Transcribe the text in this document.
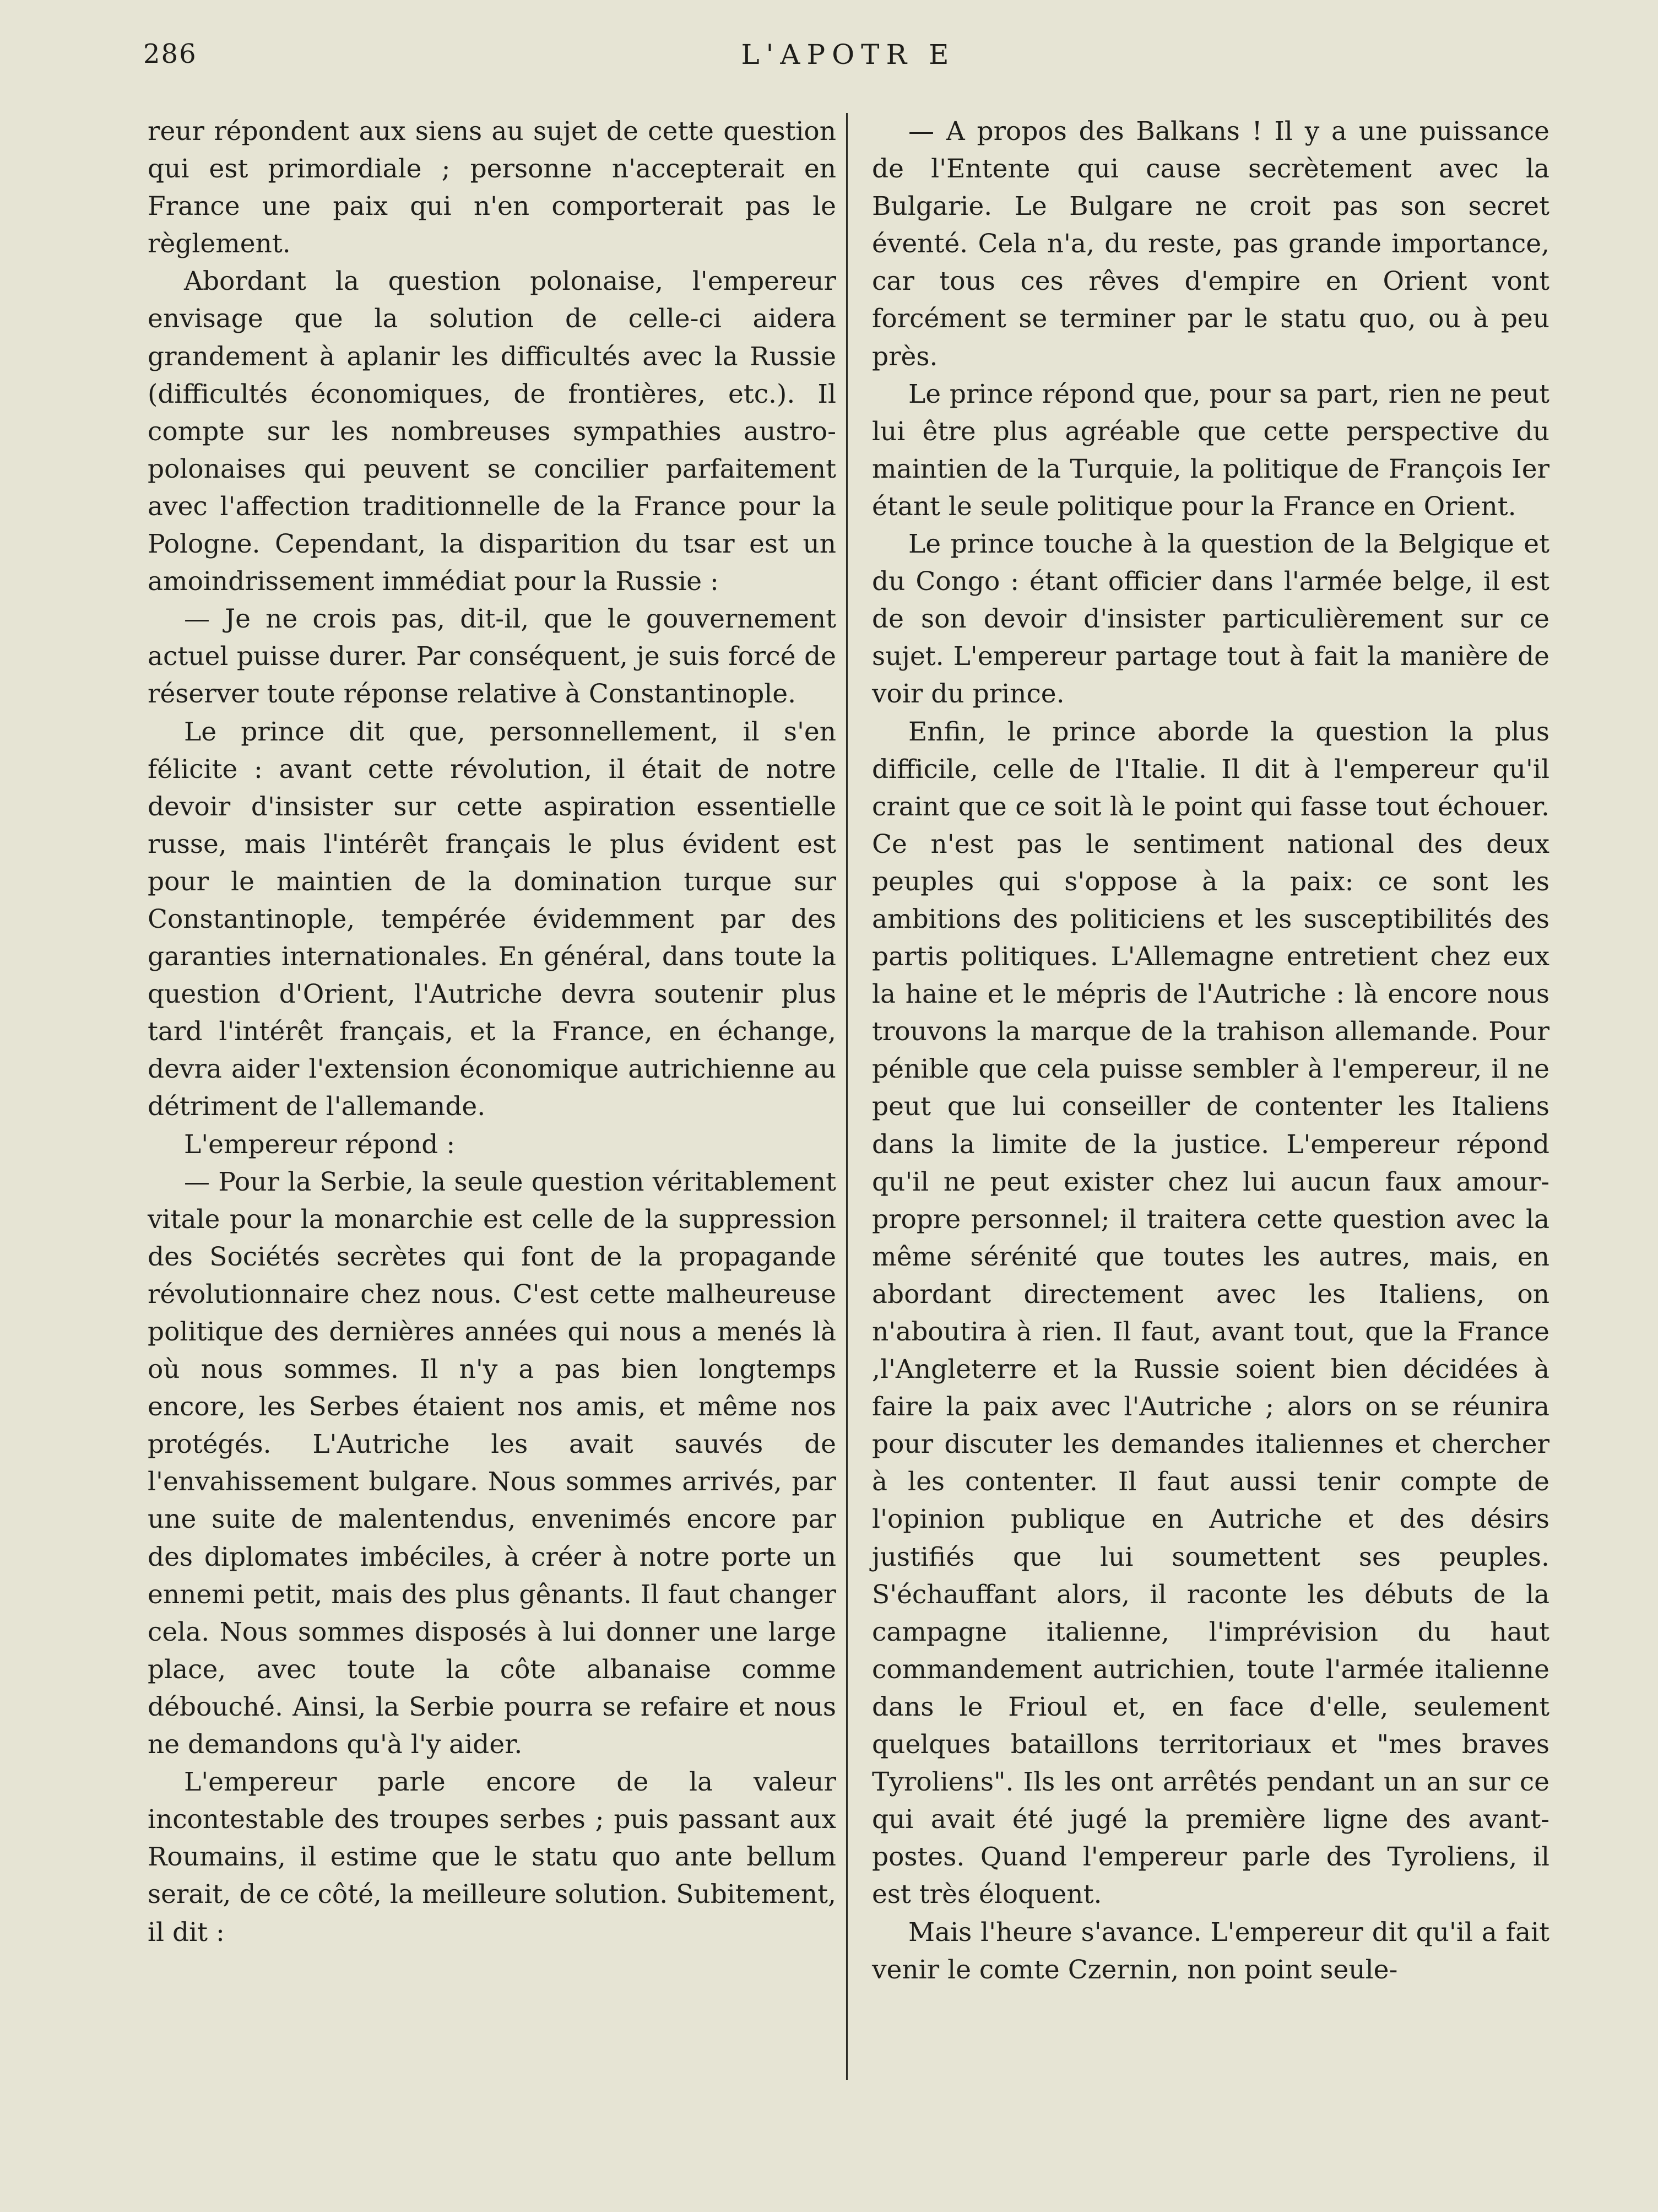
286	L'APOTR E

reur répondent aux siens au sujet de cette question qui est primordiale ; personne n'accepterait en France une paix qui n'en comporterait pas le règlement.

Abordant la question polonaise, l'empereur envisage que la solution de celle-ci aidera grandement à aplanir les difficultés avec la Russie (difficultés économiques, de frontières, etc.). Il compte sur les nombreuses sympathies austro-polonaises qui peuvent se concilier parfaitement avec l'affection traditionnelle de la France pour la Pologne. Cependant, la disparition du tsar est un amoindrissement immédiat pour la Russie :

— Je ne crois pas, dit-il, que le gouvernement actuel puisse durer. Par conséquent, je suis forcé de réserver toute réponse relative à Constantinople.

Le prince dit que, personnellement, il s'en félicite : avant cette révolution, il était de notre devoir d'insister sur cette aspiration essentielle russe, mais l'intérêt français le plus évident est pour le maintien de la domination turque sur Constantinople, tempérée évidemment par des garanties internationales. En général, dans toute la question d'Orient, l'Autriche devra soutenir plus tard l'intérêt français, et la France, en échange, devra aider l'extension économique autrichienne au détriment de l'allemande.

L'empereur répond :

— Pour la Serbie, la seule question véritablement vitale pour la monarchie est celle de la suppression des Sociétés secrètes qui font de la propagande révolutionnaire chez nous. C'est cette malheureuse politique des dernières années qui nous a menés là où nous sommes. Il n'y a pas bien longtemps encore, les Serbes étaient nos amis, et même nos protégés. L'Autriche les avait sauvés de l'envahissement bulgare. Nous sommes arrivés, par une suite de malentendus, envenimés encore par des diplomates imbéciles, à créer à notre porte un ennemi petit, mais des plus gênants. Il faut changer cela. Nous sommes disposés à lui donner une large place, avec toute la côte albanaise comme débouché. Ainsi, la Serbie pourra se refaire et nous ne demandons qu'à l'y aider.

L'empereur parle encore de la valeur incontestable des troupes serbes ; puis passant aux Roumains, il estime que le statu quo ante bellum serait, de ce côté, la meilleure solution. Subitement, il dit :

— A propos des Balkans ! Il y a une puissance de l'Entente qui cause secrètement avec la Bulgarie. Le Bulgare ne croit pas son secret éventé. Cela n'a, du reste, pas grande importance, car tous ces rêves d'empire en Orient vont forcément se terminer par le statu quo, ou à peu près.

Le prince répond que, pour sa part, rien ne peut lui être plus agréable que cette perspective du maintien de la Turquie, la politique de François Ier étant le seule politique pour la France en Orient.

Le prince touche à la question de la Belgique et du Congo : étant officier dans l'armée belge, il est de son devoir d'insister particulièrement sur ce sujet. L'empereur partage tout à fait la manière de voir du prince.

Enfin, le prince aborde la question la plus difficile, celle de l'Italie. Il dit à l'empereur qu'il craint que ce soit là le point qui fasse tout échouer. Ce n'est pas le sentiment national des deux peuples qui s'oppose à la paix: ce sont les ambitions des politiciens et les susceptibilités des partis politiques. L'Allemagne entretient chez eux la haine et le mépris de l'Autriche : là encore nous trouvons la marque de la trahison allemande. Pour pénible que cela puisse sembler à l'empereur, il ne peut que lui conseiller de contenter les Italiens dans la limite de la justice. L'empereur répond qu'il ne peut exister chez lui aucun faux amour-propre personnel; il traitera cette question avec la même sérénité que toutes les autres, mais, en abordant directement avec les Italiens, on n'aboutira à rien. Il faut, avant tout, que la France ,l'Angleterre et la Russie soient bien décidées à faire la paix avec l'Autriche ; alors on se réunira pour discuter les demandes italiennes et chercher à les contenter. Il faut aussi tenir compte de l'opinion publique en Autriche et des désirs justifiés que lui soumettent ses peuples. S'échauffant alors, il raconte les débuts de la campagne italienne, l'imprévision du haut commandement autrichien, toute l'armée italienne dans le Frioul et, en face d'elle, seulement quelques bataillons territoriaux et "mes braves Tyroliens". Ils les ont arrêtés pendant un an sur ce qui avait été jugé la première ligne des avant-postes. Quand l'empereur parle des Tyroliens, il est très éloquent.

Mais l'heure s'avance. L'empereur dit qu'il a fait venir le comte Czernin, non point seule-
